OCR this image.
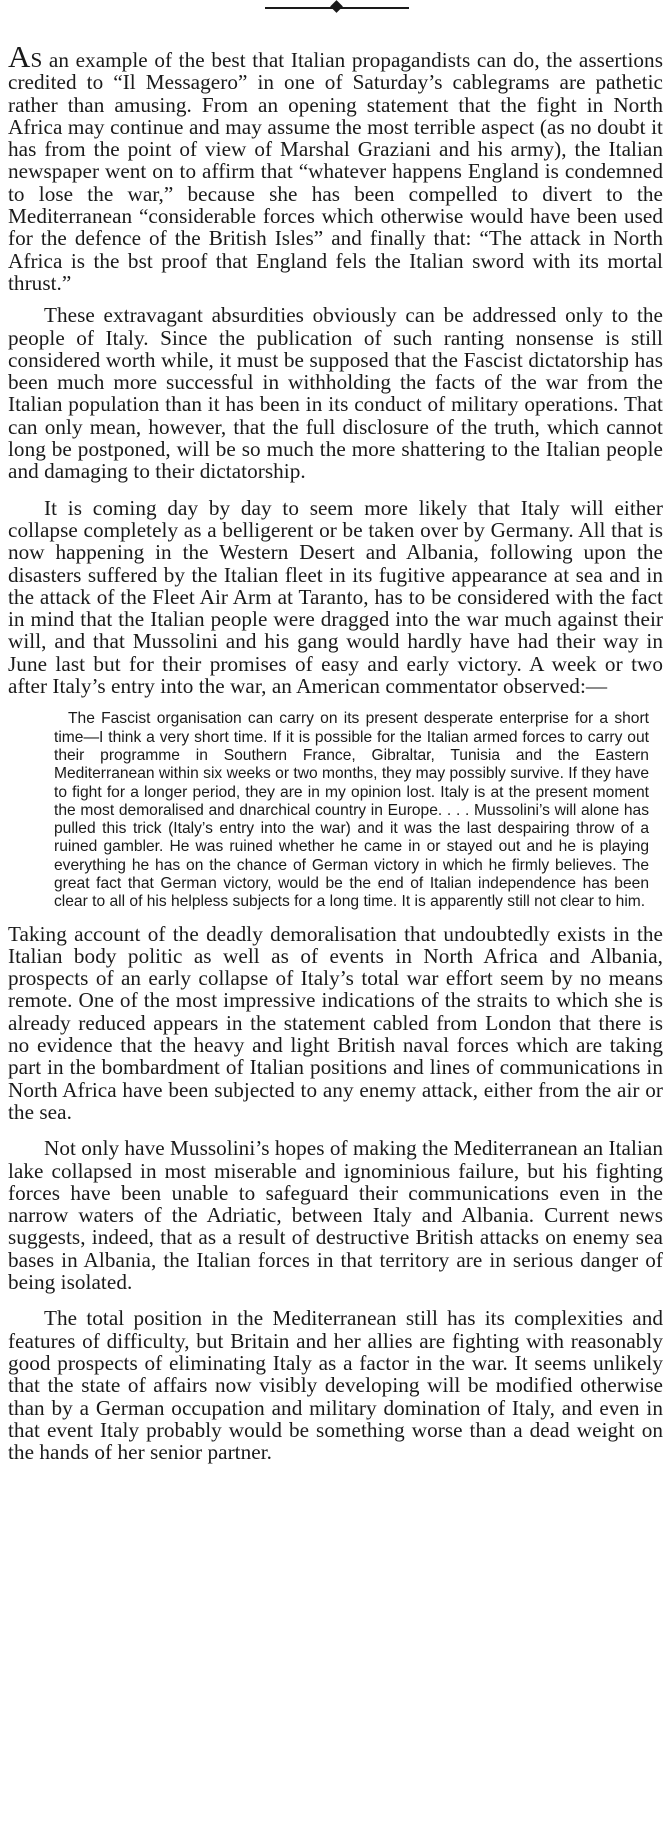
AS an example of the best that Italian propagandists can do, the assertions credited to “Il Messagero” in one of Saturday’s cablegrams are pathetic rather than amusing. From an opening statement that the fight in North Africa may continue and may assume the most terrible aspect (as no doubt it has from the point of view of Marshal Graziani and his army), the Italian newspaper went on to affirm that “whatever happens England is condemned to lose the war,” because she has been compelled to divert to the Mediterranean “considerable forces which otherwise would have been used for the defence of the British Isles” and finally that: “The attack in North Africa is the bst proof that England fels the Italian sword with its mortal thrust.”

These extravagant absurdities obviously can be addressed only to the people of Italy. Since the publication of such ranting nonsense is still considered worth while, it must be supposed that the Fascist dictatorship has been much more successful in withholding the facts of the war from the Italian population than it has been in its conduct of military operations. That can only mean, however, that the full disclosure of the truth, which cannot long be postponed, will be so much the more shattering to the Italian people and damaging to their dictatorship.

It is coming day by day to seem more likely that Italy will either collapse completely as a belligerent or be taken over by Germany. All that is now happening in the Western Desert and Albania, following upon the disasters suffered by the Italian fleet in its fugitive appearance at sea and in the attack of the Fleet Air Arm at Taranto, has to be considered with the fact in mind that the Italian people were dragged into the war much against their will, and that Mussolini and his gang would hardly have had their way in June last but for their promises of easy and early victory. A week or two after Italy’s entry into the war, an American commentator observed:—

The Fascist organisation can carry on its present desperate enterprise for a short time—I think a very short time. If it is possible for the Italian armed forces to carry out their programme in Southern France, Gibraltar, Tunisia and the Eastern Mediterranean within six weeks or two months, they may possibly survive. If they have to fight for a longer period, they are in my opinion lost. Italy is at the present moment the most demoralised and dnarchical country in Europe. . . . Mussolini’s will alone has pulled this trick (Italy’s entry into the war) and it was the last despairing throw of a ruined gambler. He was ruined whether he came in or stayed out and he is playing everything he has on the chance of German victory in which he firmly believes. The great fact that German victory, would be the end of Italian independence has been clear to all of his helpless subjects for a long time. It is apparently still not clear to him.

Taking account of the deadly demoralisation that undoubtedly exists in the Italian body politic as well as of events in North Africa and Albania, prospects of an early collapse of Italy’s total war effort seem by no means remote. One of the most impressive indications of the straits to which she is already reduced appears in the statement cabled from London that there is no evidence that the heavy and light British naval forces which are taking part in the bombardment of Italian positions and lines of communications in North Africa have been subjected to any enemy attack, either from the air or the sea.

Not only have Mussolini’s hopes of making the Mediterranean an Italian lake collapsed in most miserable and ignominious failure, but his fighting forces have been unable to safeguard their communications even in the narrow waters of the Adriatic, between Italy and Albania. Current news suggests, indeed, that as a result of destructive British attacks on enemy sea bases in Albania, the Italian forces in that territory are in serious danger of being isolated.

The total position in the Mediterranean still has its complexities and features of difficulty, but Britain and her allies are fighting with reasonably good prospects of eliminating Italy as a factor in the war. It seems unlikely that the state of affairs now visibly developing will be modified otherwise than by a German occupation and military domination of Italy, and even in that event Italy probably would be something worse than a dead weight on the hands of her senior partner.
